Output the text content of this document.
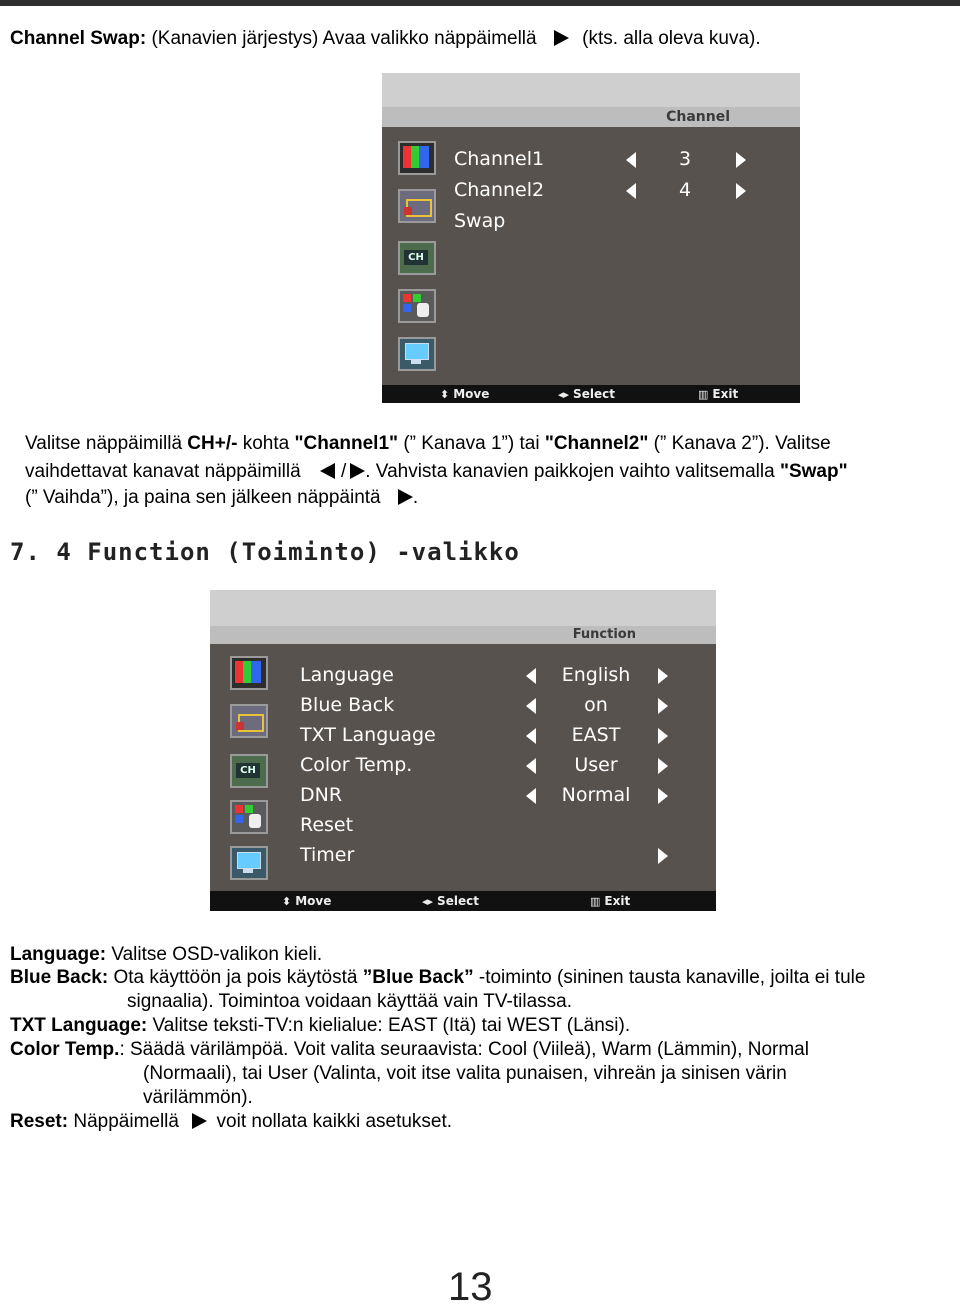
Channel Swap: (Kanavien järjestys) Avaa valikko näppäimellä (kts. alla oleva kuva).
Channel
CH
Channel1	3
Channel2	4
Swap
⬍ Move	◂▸ Select	▥ Exit
Valitse näppäimillä CH+/- kohta "Channel1" (” Kanava 1”) tai "Channel2" (” Kanava 2”). Valitse
vaihdettavat kanavat näppäimillä / . Vahvista kanavien paikkojen vaihto valitsemalla "Swap"
(” Vaihda”), ja paina sen jälkeen näppäintä .
7. 4 Function (Toiminto) -valikko
Function
CH
Language	English
Blue Back	on
TXT Language	EAST
Color Temp.	User
DNR	Normal
Reset
Timer
⬍ Move	◂▸ Select	▥ Exit
Language: Valitse OSD-valikon kieli.
Blue Back: Ota käyttöön ja pois käytöstä ”Blue Back” -toiminto (sininen tausta kanaville, joilta ei tule
signaalia). Toimintoa voidaan käyttää vain TV-tilassa.
TXT Language: Valitse teksti-TV:n kielialue: EAST (Itä) tai WEST (Länsi).
Color Temp.: Säädä värilämpöä. Voit valita seuraavista: Cool (Viileä), Warm (Lämmin), Normal
(Normaali), tai User (Valinta, voit itse valita punaisen, vihreän ja sinisen värin
värilämmön).
Reset: Näppäimellä  voit nollata kaikki asetukset.
13
